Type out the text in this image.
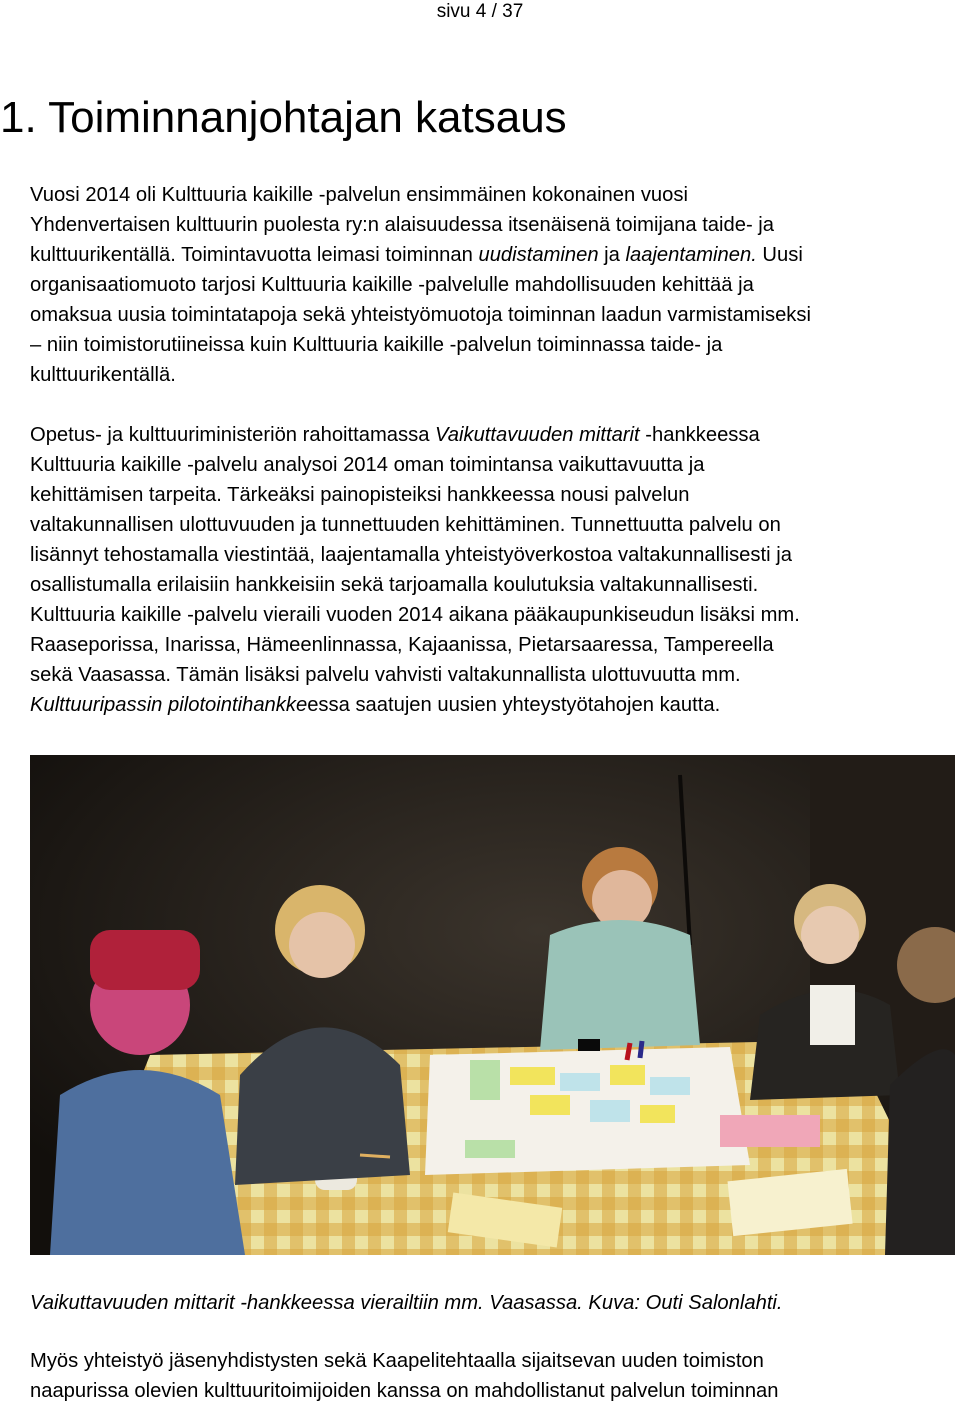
sivu 4 / 37
1. Toiminnanjohtajan katsaus

Vuosi 2014 oli Kulttuuria kaikille -palvelun ensimmäinen kokonainen vuosi
Yhdenvertaisen kulttuurin puolesta ry:n alaisuudessa itsenäisenä toimijana taide- ja
kulttuurikentällä. Toimintavuotta leimasi toiminnan uudistaminen ja laajentaminen. Uusi
organisaatiomuoto tarjosi Kulttuuria kaikille -palvelulle mahdollisuuden kehittää ja
omaksua uusia toimintatapoja sekä yhteistyömuotoja toiminnan laadun varmistamiseksi
– niin toimistorutiineissa kuin Kulttuuria kaikille -palvelun toiminnassa taide- ja
kulttuurikentällä.

Opetus- ja kulttuuriministeriön rahoittamassa Vaikuttavuuden mittarit -hankkeessa
Kulttuuria kaikille -palvelu analysoi 2014 oman toimintansa vaikuttavuutta ja
kehittämisen tarpeita. Tärkeäksi painopisteiksi hankkeessa nousi palvelun
valtakunnallisen ulottuvuuden ja tunnettuuden kehittäminen. Tunnettuutta palvelu on
lisännyt tehostamalla viestintää, laajentamalla yhteistyöverkostoa valtakunnallisesti ja
osallistumalla erilaisiin hankkeisiin sekä tarjoamalla koulutuksia valtakunnallisesti.
Kulttuuria kaikille -palvelu vieraili vuoden 2014 aikana pääkaupunkiseudun lisäksi mm.
Raaseporissa, Inarissa, Hämeenlinnassa, Kajaanissa, Pietarsaaressa, Tampereella
sekä Vaasassa. Tämän lisäksi palvelu vahvisti valtakunnallista ulottuvuutta mm.
Kulttuuripassin pilotointihankkeessa saatujen uusien yhteystyötahojen kautta.

Vaikuttavuuden mittarit -hankkeessa vierailtiin mm. Vaasassa. Kuva: Outi Salonlahti.

Myös yhteistyö jäsenyhdistysten sekä Kaapelitehtaalla sijaitsevan uuden toimiston
naapurissa olevien kulttuuritoimijoiden kanssa on mahdollistanut palvelun toiminnan
